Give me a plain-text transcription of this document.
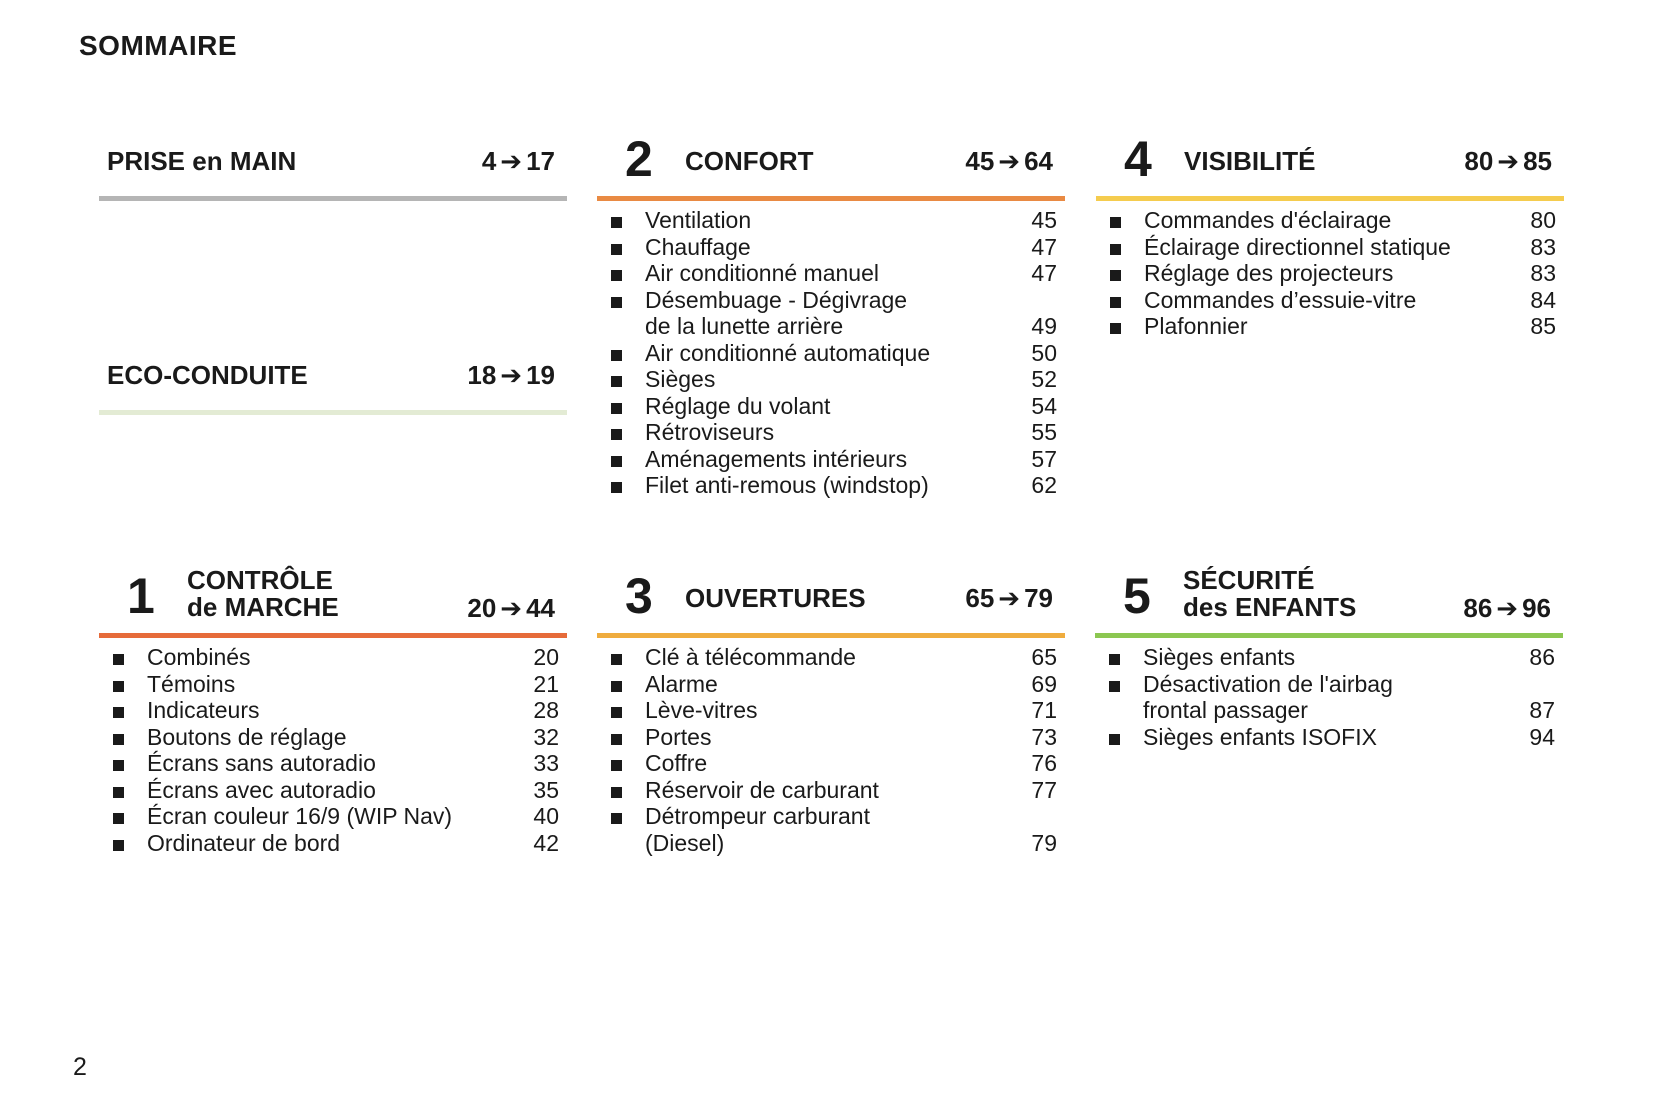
SOMMAIRE
PRISE en MAIN	4 ➔ 17
ECO-CONDUITE	18 ➔ 19
2 CONFORT	45 ➔ 64
Ventilation	45
Chauffage	47
Air conditionné manuel	47
Désembuage - Dégivrage
de la lunette arrière	49
Air conditionné automatique	50
Sièges	52
Réglage du volant	54
Rétroviseurs	55
Aménagements intérieurs	57
Filet anti-remous (windstop)	62
4 VISIBILITÉ	80 ➔ 85
Commandes d'éclairage	80
Éclairage directionnel statique	83
Réglage des projecteurs	83
Commandes d’essuie-vitre	84
Plafonnier	85
1 CONTRÔLE
de MARCHE	20 ➔ 44
Combinés	20
Témoins	21
Indicateurs	28
Boutons de réglage	32
Écrans sans autoradio	33
Écrans avec autoradio	35
Écran couleur 16/9 (WIP Nav)	40
Ordinateur de bord	42
3 OUVERTURES	65 ➔ 79
Clé à télécommande	65
Alarme	69
Lève-vitres	71
Portes	73
Coffre	76
Réservoir de carburant	77
Détrompeur carburant
(Diesel)	79
5 SÉCURITÉ
des ENFANTS	86 ➔ 96
Sièges enfants	86
Désactivation de l'airbag
frontal passager	87
Sièges enfants ISOFIX	94
2
